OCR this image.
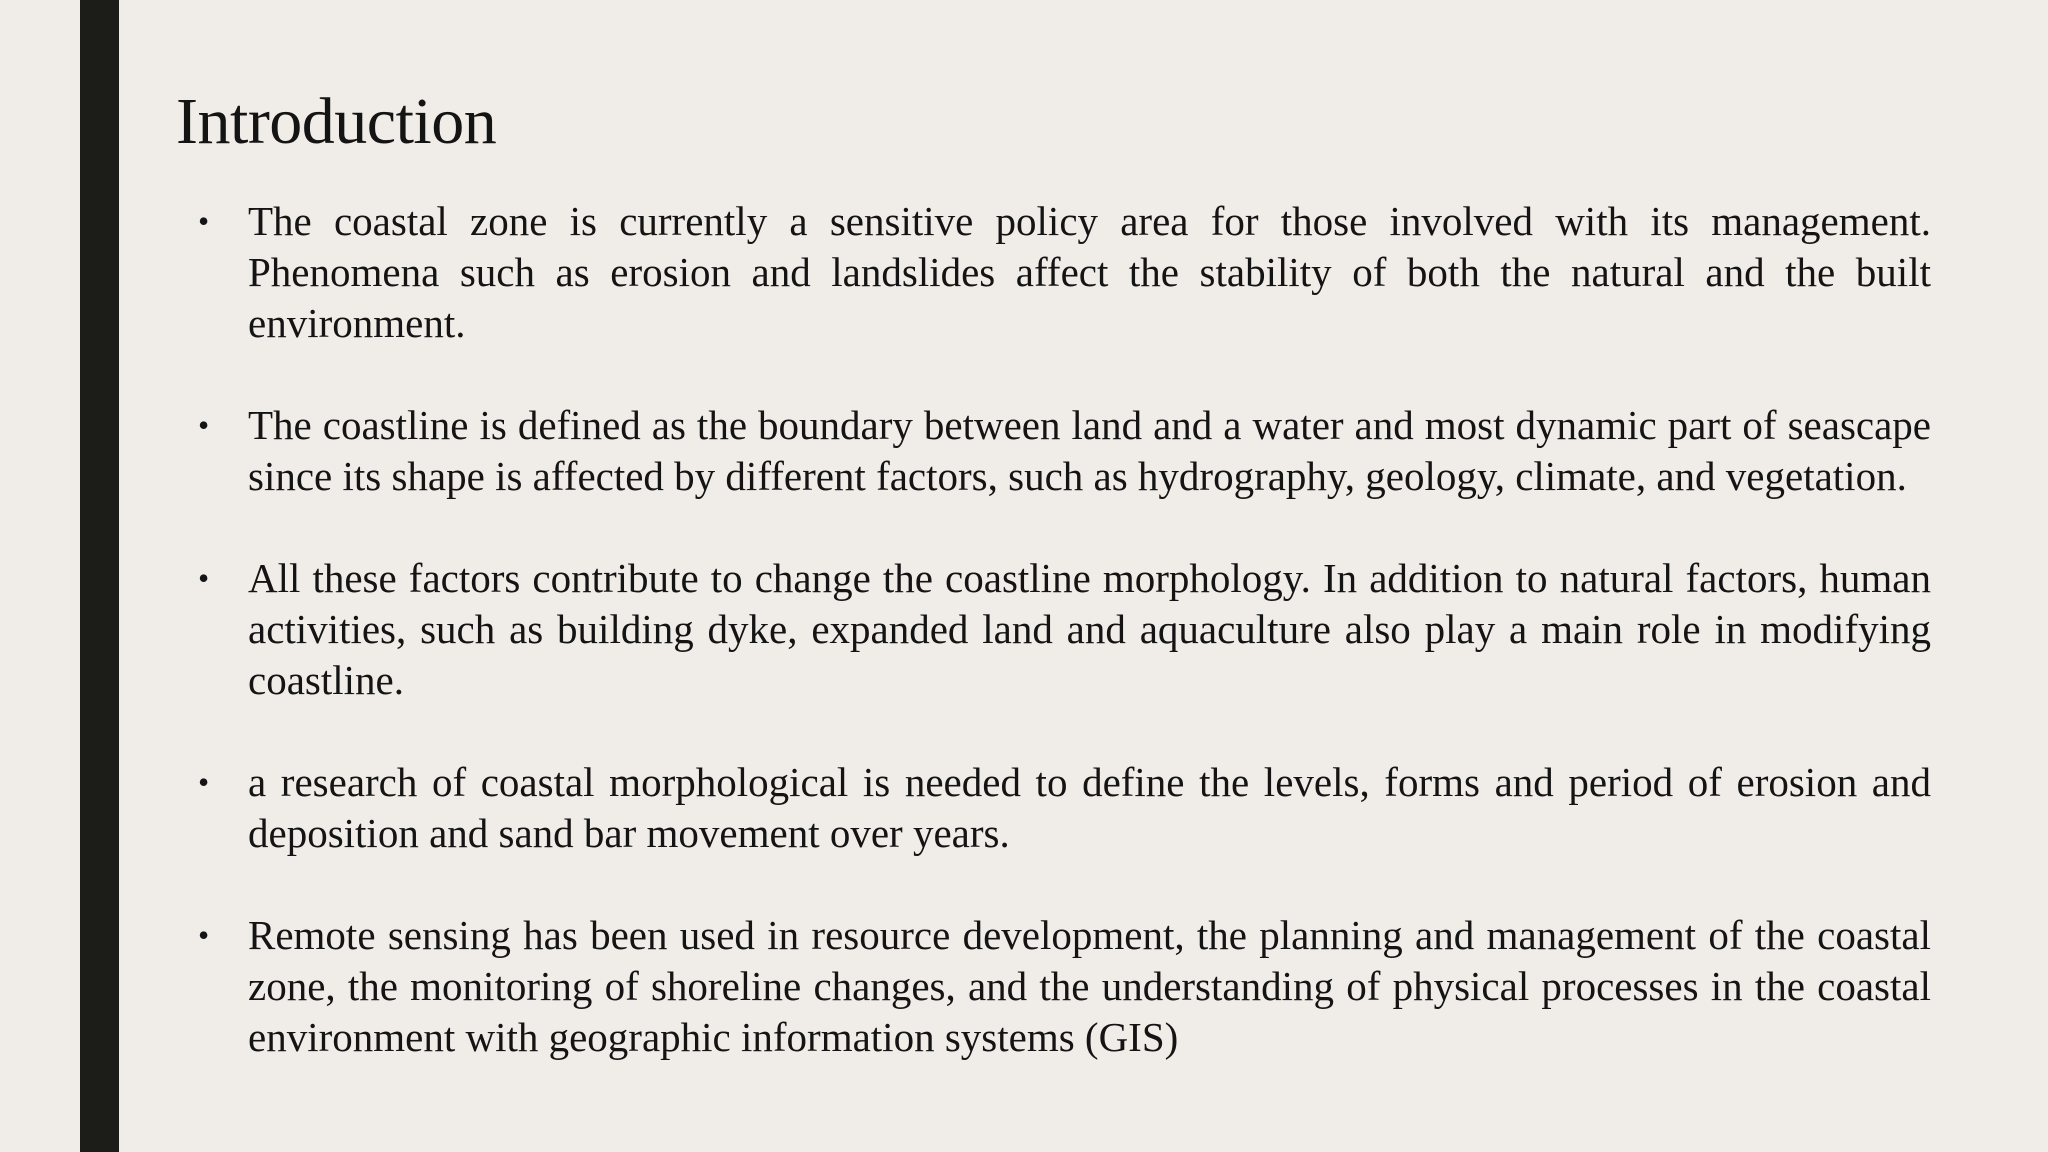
Introduction
• The coastal zone is currently a sensitive policy area for those involved with its management. Phenomena such as erosion and landslides affect the stability of both the natural and the built environment.
• The coastline is defined as the boundary between land and a water and most dynamic part of seascape since its shape is affected by different factors, such as hydrography, geology, climate, and vegetation.
• All these factors contribute to change the coastline morphology. In addition to natural factors, human activities, such as building dyke, expanded land and aquaculture also play a main role in modifying coastline.
• a research of coastal morphological is needed to define the levels, forms and period of erosion and deposition and sand bar movement over years.
• Remote sensing has been used in resource development, the planning and management of the coastal zone, the monitoring of shoreline changes, and the understanding of physical processes in the coastal environment with geographic information systems (GIS)
